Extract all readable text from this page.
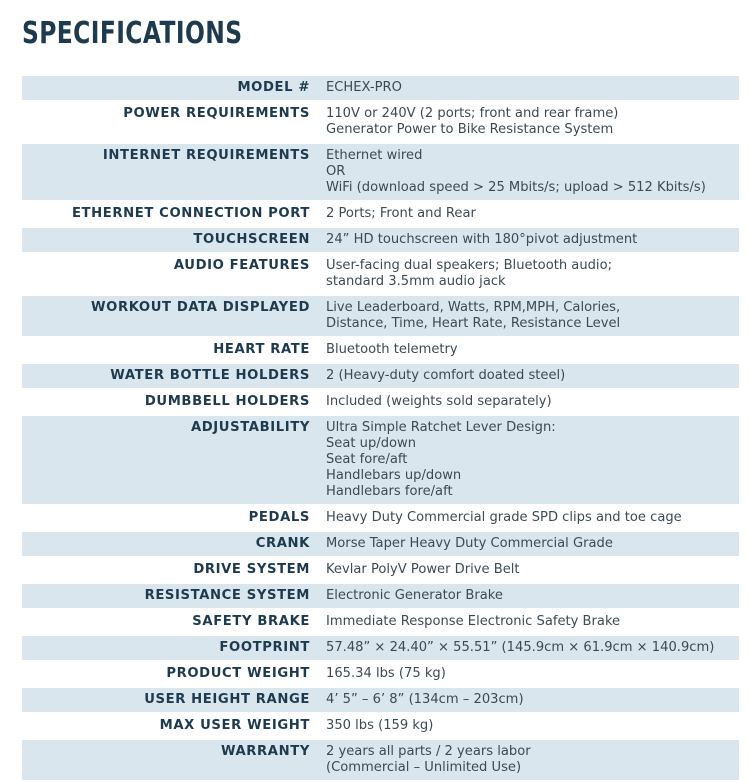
SPECIFICATIONS
MODEL # ECHEX-PRO
POWER REQUIREMENTS 110V or 240V (2 ports; front and rear frame)
Generator Power to Bike Resistance System
INTERNET REQUIREMENTS Ethernet wired
OR
WiFi (download speed > 25 Mbits/s; upload > 512 Kbits/s)
ETHERNET CONNECTION PORT 2 Ports; Front and Rear
TOUCHSCREEN 24” HD touchscreen with 180°pivot adjustment
AUDIO FEATURES User-facing dual speakers; Bluetooth audio;
standard 3.5mm audio jack
WORKOUT DATA DISPLAYED Live Leaderboard, Watts, RPM,MPH, Calories,
Distance, Time, Heart Rate, Resistance Level
HEART RATE Bluetooth telemetry
WATER BOTTLE HOLDERS 2 (Heavy-duty comfort doated steel)
DUMBBELL HOLDERS Included (weights sold separately)
ADJUSTABILITY Ultra Simple Ratchet Lever Design:
Seat up/down
Seat fore/aft
Handlebars up/down
Handlebars fore/aft
PEDALS Heavy Duty Commercial grade SPD clips and toe cage
CRANK Morse Taper Heavy Duty Commercial Grade
DRIVE SYSTEM Kevlar PolyV Power Drive Belt
RESISTANCE SYSTEM Electronic Generator Brake
SAFETY BRAKE Immediate Response Electronic Safety Brake
FOOTPRINT 57.48” × 24.40” × 55.51” (145.9cm × 61.9cm × 140.9cm)
PRODUCT WEIGHT 165.34 lbs (75 kg)
USER HEIGHT RANGE 4’ 5” – 6’ 8” (134cm – 203cm)
MAX USER WEIGHT 350 lbs (159 kg)
WARRANTY 2 years all parts / 2 years labor
(Commercial – Unlimited Use)
